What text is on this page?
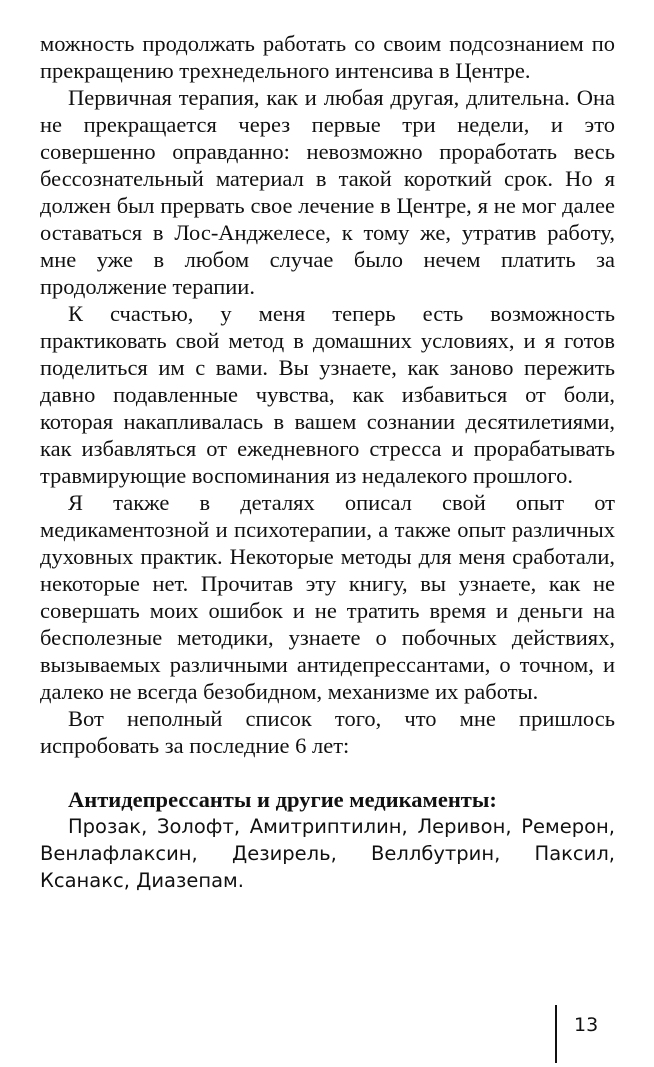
можность продолжать работать со своим подсознанием по прекращению трехнедельного интенсива в Центре.

Первичная терапия, как и любая другая, длительна. Она не прекращается через первые три недели, и это совершенно оправданно: невозможно проработать весь бессознательный материал в такой короткий срок. Но я должен был прервать свое лечение в Центре, я не мог далее оставаться в Лос-Анджелесе, к тому же, утратив работу, мне уже в любом случае было нечем платить за продолжение терапии.

К счастью, у меня теперь есть возможность практиковать свой метод в домашних условиях, и я готов поделиться им с вами. Вы узнаете, как заново пережить давно подавленные чувства, как избавиться от боли, которая накапливалась в вашем сознании десятилетиями, как избавляться от ежедневного стресса и прорабатывать травмирующие воспоминания из недалекого прошлого.

Я также в деталях описал свой опыт от медикаментозной и психотерапии, а также опыт различных духовных практик. Некоторые методы для меня сработали, некоторые нет. Прочитав эту книгу, вы узнаете, как не совершать моих ошибок и не тратить время и деньги на бесполезные методики, узнаете о побочных действиях, вызываемых различными антидепрессантами, о точном, и далеко не всегда безобидном, механизме их работы.

Вот неполный список того, что мне пришлось испробовать за последние 6 лет:

Антидепрессанты и другие медикаменты:

Прозак, Золофт, Амитриптилин, Леривон, Ремерон, Венлафлаксин, Дезирель, Веллбутрин, Паксил, Ксанакс, Диазепам.

13
